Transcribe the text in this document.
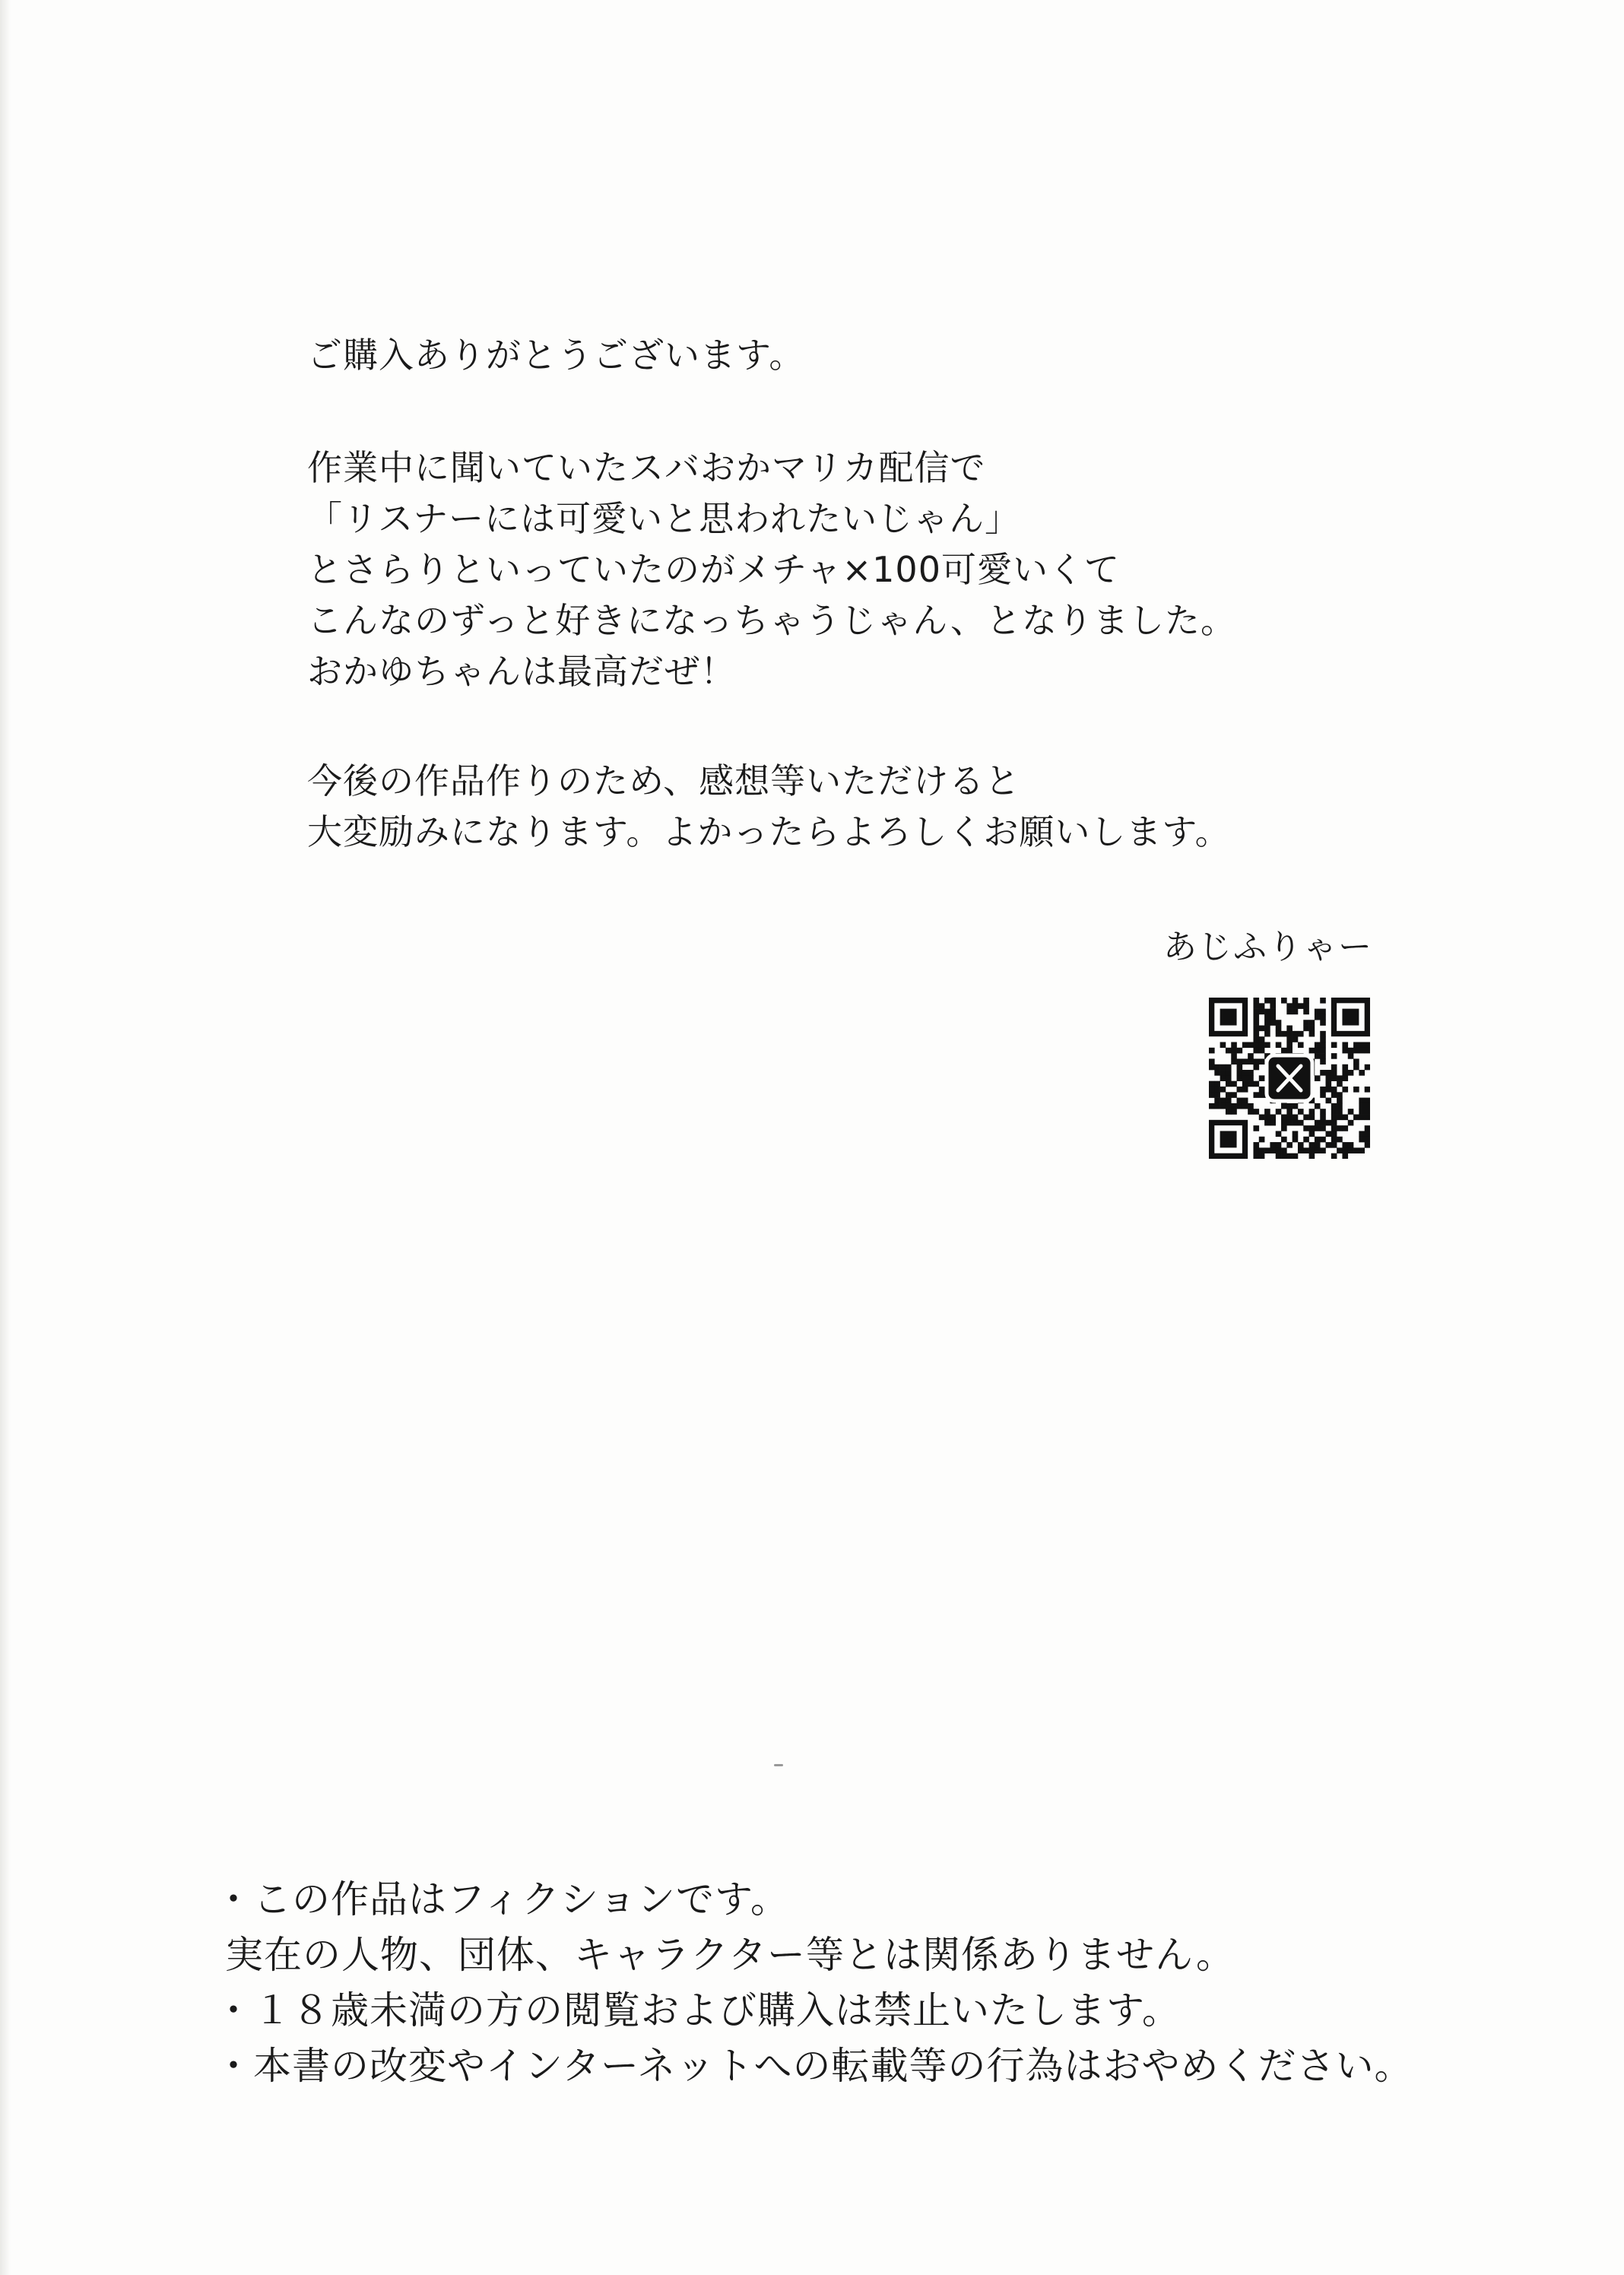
ご購入ありがとうございます。
作業中に聞いていたスバおかマリカ配信で
「リスナーには可愛いと思われたいじゃん」
とさらりといっていたのがメチャ×100可愛いくて
こんなのずっと好きになっちゃうじゃん、となりました。
おかゆちゃんは最高だぜ！
今後の作品作りのため、感想等いただけると
大変励みになります。よかったらよろしくお願いします。
あじふりゃー
・この作品はフィクションです。
実在の人物、団体、キャラクター等とは関係ありません。
・１８歳未満の方の閲覧および購入は禁止いたします。
・本書の改変やインターネットへの転載等の行為はおやめください。
